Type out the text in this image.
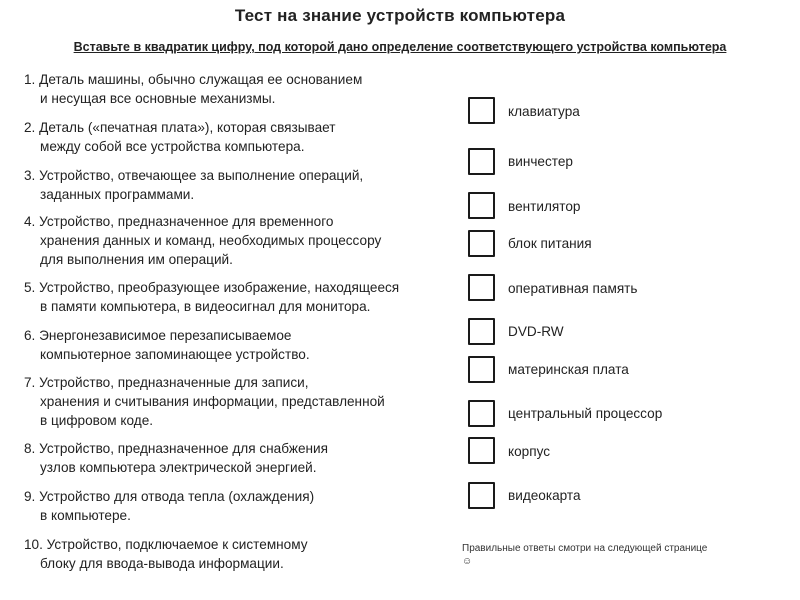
Тест на знание устройств компьютера
Вставьте в квадратик цифру, под которой дано определение соответствующего устройства компьютера
1. Деталь машины, обычно служащая ее основанием
и несущая все основные механизмы.
2. Деталь («печатная плата»), которая связывает
между собой все устройства компьютера.
3. Устройство, отвечающее за выполнение операций,
заданных программами.
4. Устройство, предназначенное для временного
хранения данных и команд, необходимых процессору
для выполнения им операций.
5. Устройство, преобразующее изображение, находящееся
в памяти компьютера, в видеосигнал для монитора.
6. Энергонезависимое перезаписываемое
компьютерное запоминающее устройство.
7. Устройство, предназначенные для записи,
хранения и считывания информации, представленной
в цифровом коде.
8. Устройство, предназначенное для снабжения
узлов компьютера электрической энергией.
9. Устройство для отвода тепла (охлаждения)
в компьютере.
10. Устройство, подключаемое к системному
блоку для ввода-вывода информации.
клавиатура
винчестер
вентилятор
блок питания
оперативная память
DVD-RW
материнская плата
центральный процессор
корпус
видеокарта
Правильные ответы смотри на следующей странице
☺
